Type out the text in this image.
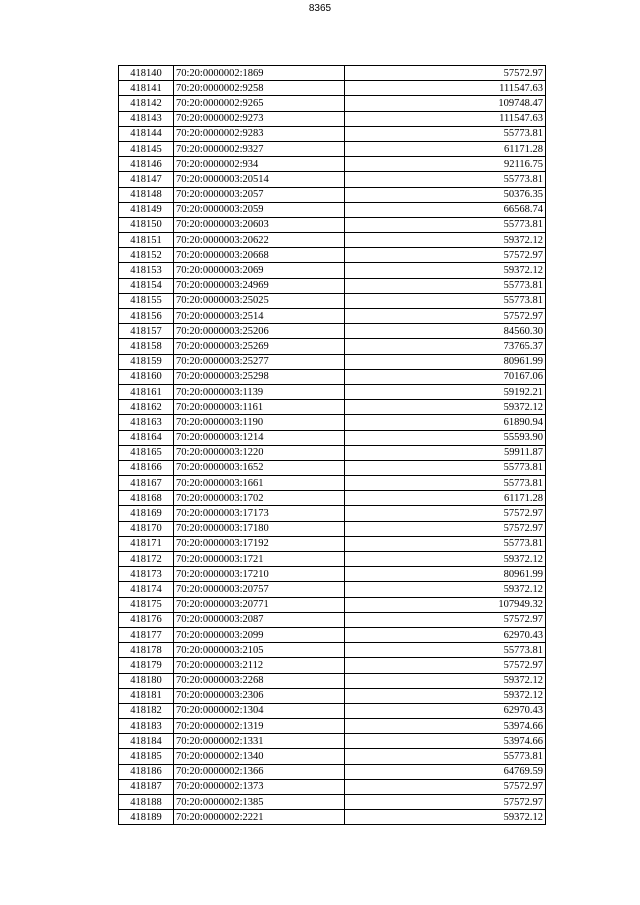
8365
418140	70:20:0000002:1869	57572.97
418141	70:20:0000002:9258	111547.63
418142	70:20:0000002:9265	109748.47
418143	70:20:0000002:9273	111547.63
418144	70:20:0000002:9283	55773.81
418145	70:20:0000002:9327	61171.28
418146	70:20:0000002:934	92116.75
418147	70:20:0000003:20514	55773.81
418148	70:20:0000003:2057	50376.35
418149	70:20:0000003:2059	66568.74
418150	70:20:0000003:20603	55773.81
418151	70:20:0000003:20622	59372.12
418152	70:20:0000003:20668	57572.97
418153	70:20:0000003:2069	59372.12
418154	70:20:0000003:24969	55773.81
418155	70:20:0000003:25025	55773.81
418156	70:20:0000003:2514	57572.97
418157	70:20:0000003:25206	84560.30
418158	70:20:0000003:25269	73765.37
418159	70:20:0000003:25277	80961.99
418160	70:20:0000003:25298	70167.06
418161	70:20:0000003:1139	59192.21
418162	70:20:0000003:1161	59372.12
418163	70:20:0000003:1190	61890.94
418164	70:20:0000003:1214	55593.90
418165	70:20:0000003:1220	59911.87
418166	70:20:0000003:1652	55773.81
418167	70:20:0000003:1661	55773.81
418168	70:20:0000003:1702	61171.28
418169	70:20:0000003:17173	57572.97
418170	70:20:0000003:17180	57572.97
418171	70:20:0000003:17192	55773.81
418172	70:20:0000003:1721	59372.12
418173	70:20:0000003:17210	80961.99
418174	70:20:0000003:20757	59372.12
418175	70:20:0000003:20771	107949.32
418176	70:20:0000003:2087	57572.97
418177	70:20:0000003:2099	62970.43
418178	70:20:0000003:2105	55773.81
418179	70:20:0000003:2112	57572.97
418180	70:20:0000003:2268	59372.12
418181	70:20:0000003:2306	59372.12
418182	70:20:0000002:1304	62970.43
418183	70:20:0000002:1319	53974.66
418184	70:20:0000002:1331	53974.66
418185	70:20:0000002:1340	55773.81
418186	70:20:0000002:1366	64769.59
418187	70:20:0000002:1373	57572.97
418188	70:20:0000002:1385	57572.97
418189	70:20:0000002:2221	59372.12
